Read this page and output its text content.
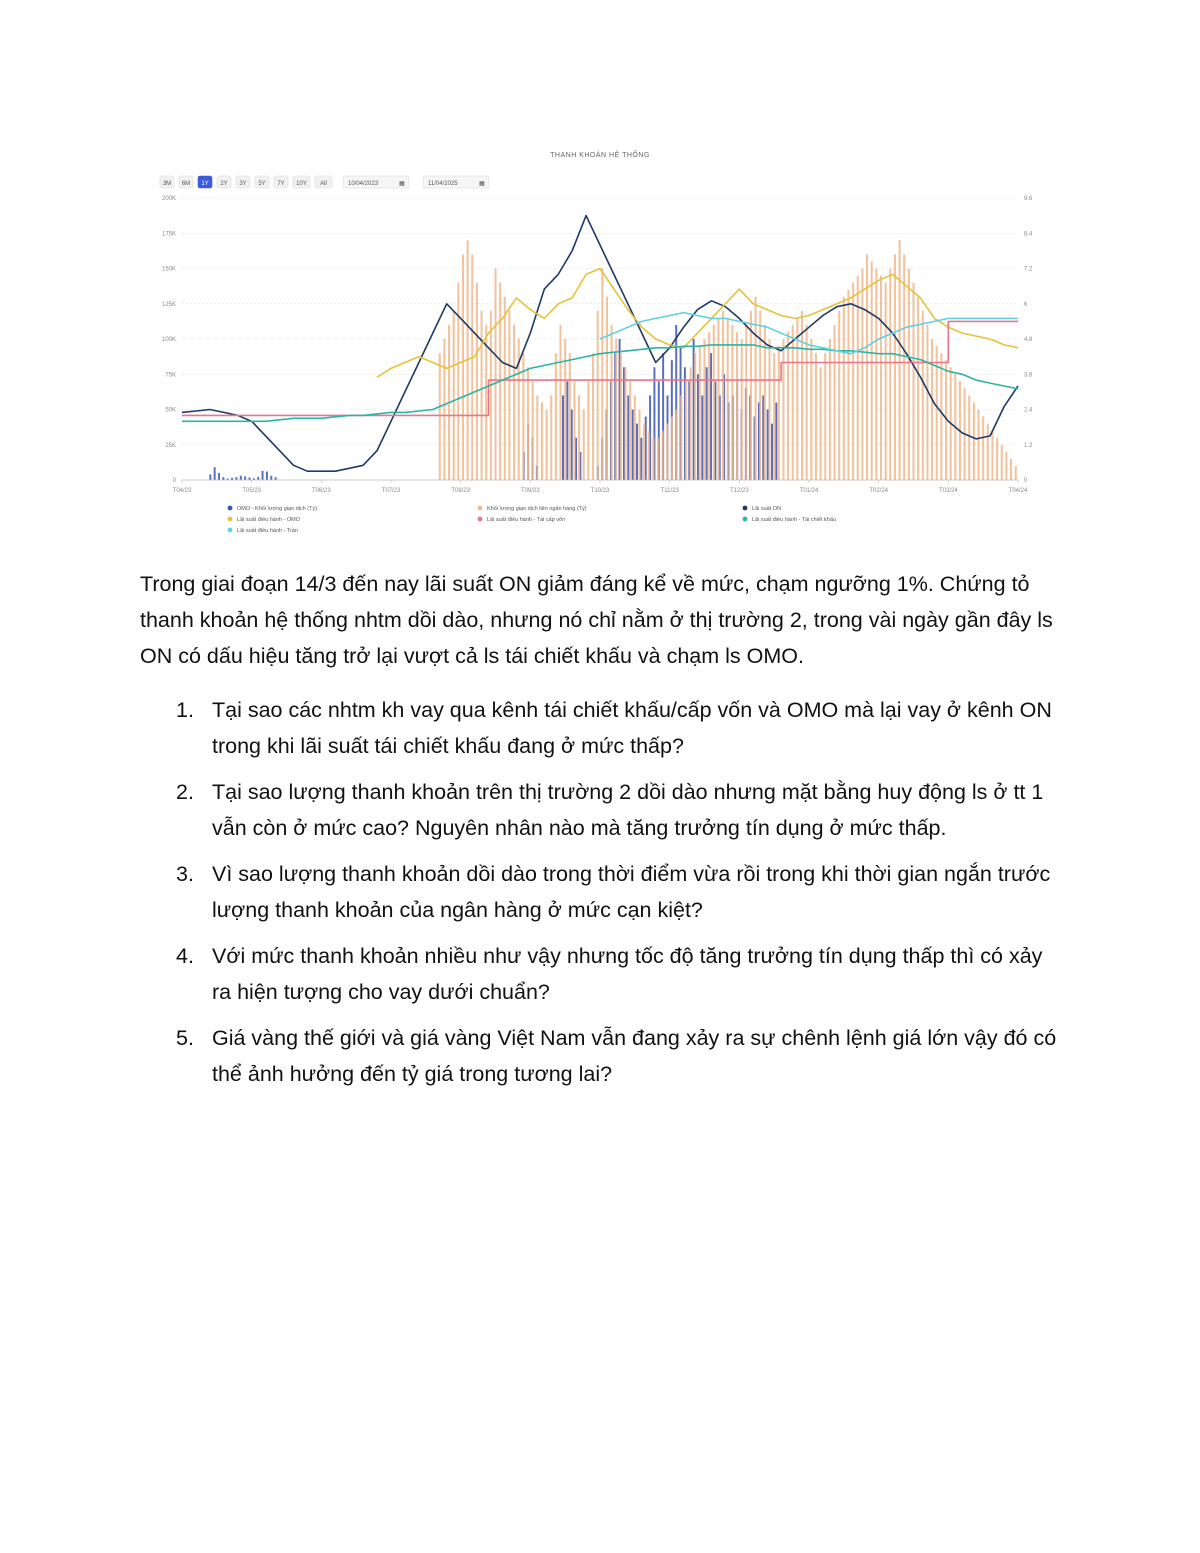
THANH KHOẢN HỆ THỐNG
3M 6M 1Y 2Y 3Y 5Y 7Y 10Y All	10/04/2023	▦	11/04/2025	▦
0	0
25K	1.2
50K	2.4
75K	3.6
100K	4.8
125K	6
150K	7.2
175K	8.4
200K	9.6
T04/23	T05/23	T06/23	T07/23	T08/23	T09/23	T10/23	T11/23	T12/23	T01/24	T02/24	T03/24	T04/24
OMO - Khối lượng giao dịch (Tỷ)	Khối lượng giao dịch liên ngân hàng (Tỷ)	Lãi suất ON
Lãi suất điều hành - OMO	Lãi suất điều hành - Tái cấp vốn	Lãi suất điều hành - Tái chiết khấu
Lãi suất điều hành - Trần

Trong giai đoạn 14/3 đến nay lãi suất ON giảm đáng kể về mức, chạm ngưỡng 1%. Chứng tỏ thanh khoản hệ thống nhtm dồi dào, nhưng nó chỉ nằm ở thị trường 2, trong vài ngày gần đây ls ON có dấu hiệu tăng trở lại vượt cả ls tái chiết khấu và chạm ls OMO.

1. Tại sao các nhtm kh vay qua kênh tái chiết khấu/cấp vốn và OMO mà lại vay ở kênh ON trong khi lãi suất tái chiết khấu đang ở mức thấp?
2. Tại sao lượng thanh khoản trên thị trường 2 dồi dào nhưng mặt bằng huy động ls ở tt 1 vẫn còn ở mức cao? Nguyên nhân nào mà tăng trưởng tín dụng ở mức thấp.
3. Vì sao lượng thanh khoản dồi dào trong thời điểm vừa rồi trong khi thời gian ngắn trước lượng thanh khoản của ngân hàng ở mức cạn kiệt?
4. Với mức thanh khoản nhiều như vậy nhưng tốc độ tăng trưởng tín dụng thấp thì có xảy ra hiện tượng cho vay dưới chuẩn?
5. Giá vàng thế giới và giá vàng Việt Nam vẫn đang xảy ra sự chênh lệnh giá lớn vậy đó có thể ảnh hưởng đến tỷ giá trong tương lai?
